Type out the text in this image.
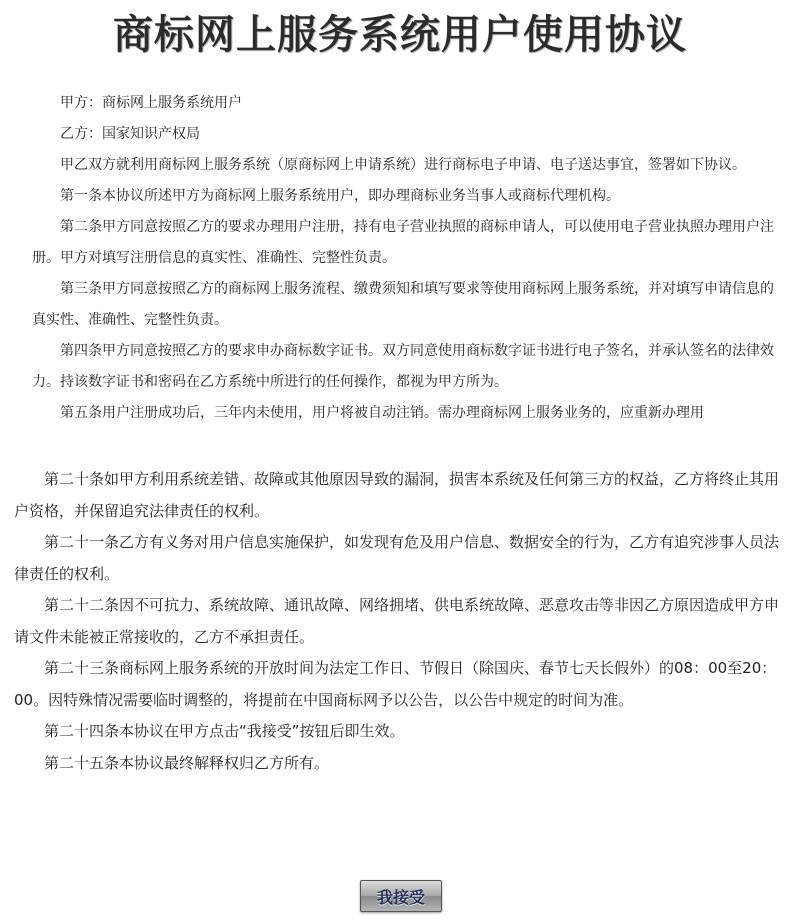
商标网上服务系统用户使用协议

甲方：商标网上服务系统用户

乙方：国家知识产权局

甲乙双方就利用商标网上服务系统（原商标网上申请系统）进行商标电子申请、电子送达事宜，签署如下协议。

第一条本协议所述甲方为商标网上服务系统用户，即办理商标业务当事人或商标代理机构。

第二条甲方同意按照乙方的要求办理用户注册，持有电子营业执照的商标申请人，可以使用电子营业执照办理用户注册。甲方对填写注册信息的真实性、准确性、完整性负责。

第三条甲方同意按照乙方的商标网上服务流程、缴费须知和填写要求等使用商标网上服务系统，并对填写申请信息的真实性、准确性、完整性负责。

第四条甲方同意按照乙方的要求申办商标数字证书。双方同意使用商标数字证书进行电子签名，并承认签名的法律效力。持该数字证书和密码在乙方系统中所进行的任何操作，都视为甲方所为。

第五条用户注册成功后，三年内未使用，用户将被自动注销。需办理商标网上服务业务的，应重新办理用

第二十条如甲方利用系统差错、故障或其他原因导致的漏洞，损害本系统及任何第三方的权益，乙方将终止其用户资格，并保留追究法律责任的权利。

第二十一条乙方有义务对用户信息实施保护，如发现有危及用户信息、数据安全的行为，乙方有追究涉事人员法律责任的权利。

第二十二条因不可抗力、系统故障、通讯故障、网络拥堵、供电系统故障、恶意攻击等非因乙方原因造成甲方申请文件未能被正常接收的，乙方不承担责任。

第二十三条商标网上服务系统的开放时间为法定工作日、节假日（除国庆、春节七天长假外）的08：00至20：00。因特殊情况需要临时调整的，将提前在中国商标网予以公告，以公告中规定的时间为准。

第二十四条本协议在甲方点击“我接受”按钮后即生效。

第二十五条本协议最终解释权归乙方所有。

我接受
